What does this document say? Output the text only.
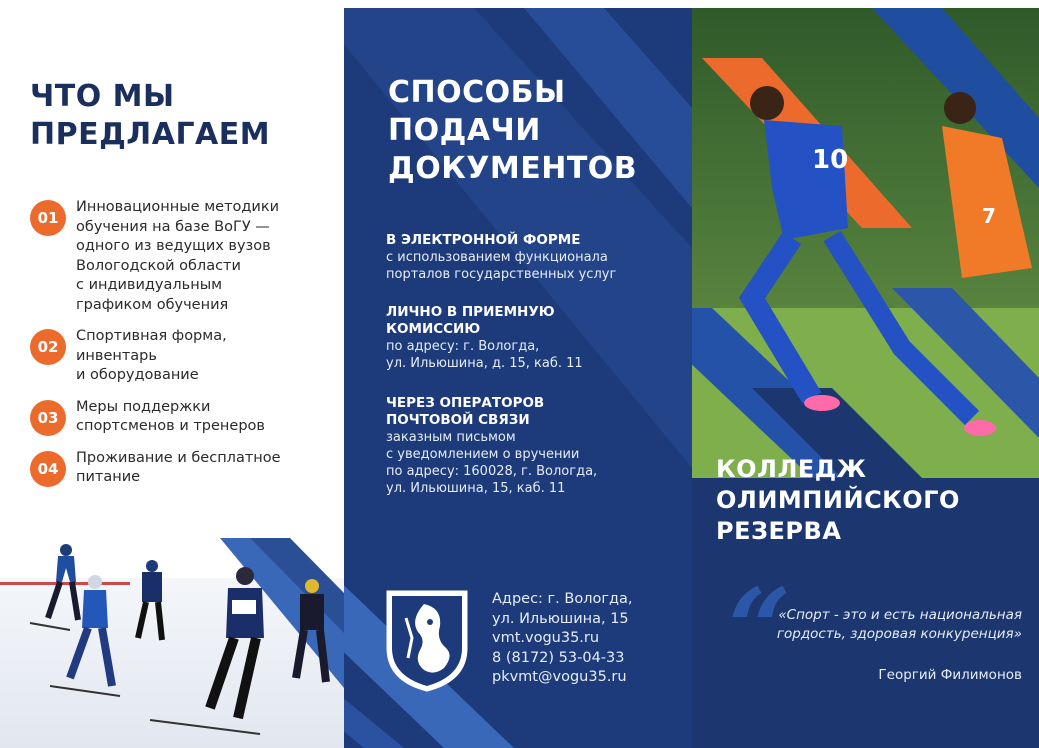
ЧТО МЫ
ПРЕДЛАГАЕМ
01
Инновационные методики
обучения на базе ВоГУ —
одного из ведущих вузов
Вологодской области
с индивидуальным
графиком обучения
02
Спортивная форма,
инвентарь
и оборудование
03
Меры поддержки
спортсменов и тренеров
04
Проживание и бесплатное
питание
СПОСОБЫ
ПОДАЧИ
ДОКУМЕНТОВ
В ЭЛЕКТРОННОЙ ФОРМЕ
с использованием функционала
порталов государственных услуг
ЛИЧНО В ПРИЕМНУЮ
КОМИССИЮ
по адресу: г. Вологда,
ул. Ильюшина, д. 15, каб. 11
ЧЕРЕЗ ОПЕРАТОРОВ
ПОЧТОВОЙ СВЯЗИ
заказным письмом
с уведомлением о вручении
по адресу: 160028, г. Вологда,
ул. Ильюшина, 15, каб. 11
Адрес: г. Вологда,
ул. Ильюшина, 15
vmt.vogu35.ru
8 (8172) 53-04-33
pkvmt@vogu35.ru
10
7
КОЛЛЕДЖ
ОЛИМПИЙСКОГО
РЕЗЕРВА
“
«Спорт - это и есть национальная
гордость, здоровая конкуренция»
Георгий Филимонов
